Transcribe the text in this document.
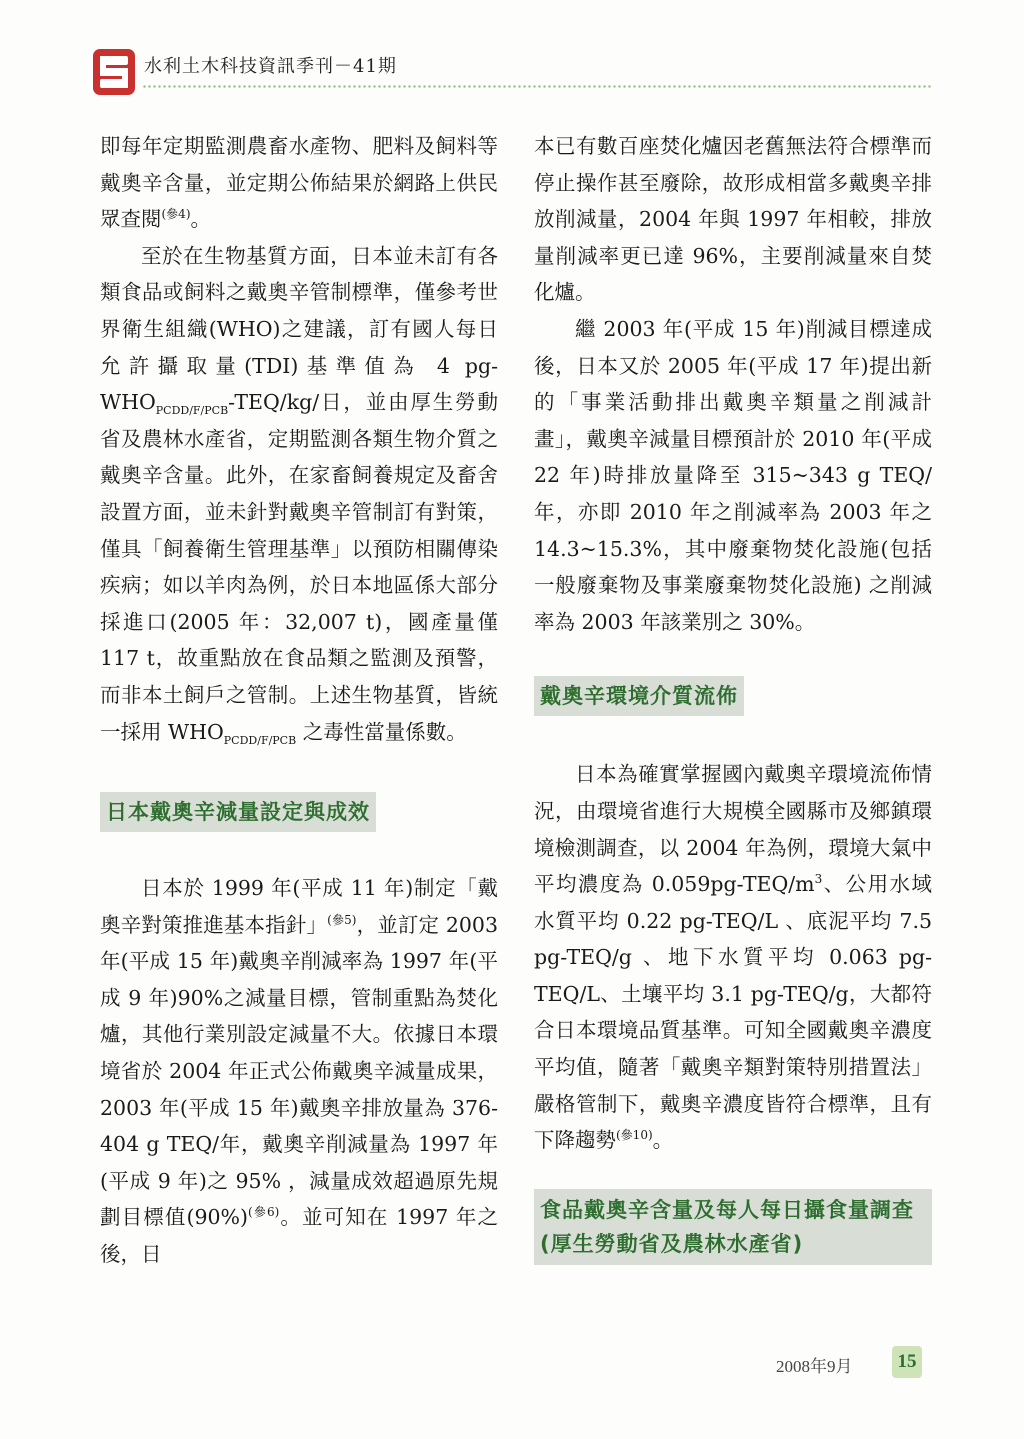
水利土木科技資訊季刊－41期

即每年定期監測農畜水產物、肥料及飼料等戴奧辛含量，並定期公佈結果於網路上供民眾查閱$^{(參4)}$。

至於在生物基質方面，日本並未訂有各類食品或飼料之戴奧辛管制標準，僅參考世界衛生組織(WHO)之建議，訂有國人每日允許攝取量(TDI)基準值為 4 $pg-WHO_{PCDD/F/PCB}-TEQ/kg/$日，並由厚生勞動省及農林水產省，定期監測各類生物介質之戴奧辛含量。此外，在家畜飼養規定及畜舍設置方面，並未針對戴奧辛管制訂有對策，僅具「飼養衛生管理基準」以預防相關傳染疾病；如以羊肉為例，於日本地區係大部分採進口(2005 年：32,007 t)，國產量僅 117 t，故重點放在食品類之監測及預警，而非本土飼戶之管制。上述生物基質，皆統一採用 $WHO_{PCDD/F/PCB}$ 之毒性當量係數。

日本戴奧辛減量設定與成效

日本於 1999 年(平成 11 年)制定「戴奧辛對策推進基本指針」$^{(參5)}$，並訂定 2003 年(平成 15 年)戴奧辛削減率為 1997 年(平成 9 年)90%之減量目標，管制重點為焚化爐，其他行業別設定減量不大。依據日本環境省於 2004 年正式公佈戴奧辛減量成果，2003 年(平成 15 年)戴奧辛排放量為 376-404 g TEQ/年，戴奧辛削減量為 1997 年(平成 9 年)之 95% ，減量成效超過原先規劃目標值$(90\%)^{(參6)}$。並可知在 1997 年之後，日

本已有數百座焚化爐因老舊無法符合標準而停止操作甚至廢除，故形成相當多戴奧辛排放削減量，2004 年與 1997 年相較，排放量削減率更已達 96%，主要削減量來自焚化爐。

繼 2003 年(平成 15 年)削減目標達成後，日本又於 2005 年(平成 17 年)提出新的「事業活動排出戴奧辛類量之削減計畫」，戴奧辛減量目標預計於 2010 年(平成 22 年)時排放量降至 315~343 g TEQ/年，亦即 2010 年之削減率為 2003 年之 14.3~15.3%，其中廢棄物焚化設施(包括一般廢棄物及事業廢棄物焚化設施) 之削減率為 2003 年該業別之 30%。

戴奧辛環境介質流佈

日本為確實掌握國內戴奧辛環境流佈情況，由環境省進行大規模全國縣市及鄉鎮環境檢測調查，以 2004 年為例，環境大氣中平均濃度為 $0.059pg-TEQ/m^3$、公用水域水質平均 0.22 pg-TEQ/L 、底泥平均 7.5 pg-TEQ/g 、地下水質平均 0.063 pg-TEQ/L、土壤平均 3.1 pg-TEQ/g，大都符合日本環境品質基準。可知全國戴奧辛濃度平均值，隨著「戴奧辛類對策特別措置法」嚴格管制下，戴奧辛濃度皆符合標準，且有下降趨勢$^{(參10)}$。

食品戴奧辛含量及每人每日攝食量調查(厚生勞動省及農林水產省)
2008年9月 15
